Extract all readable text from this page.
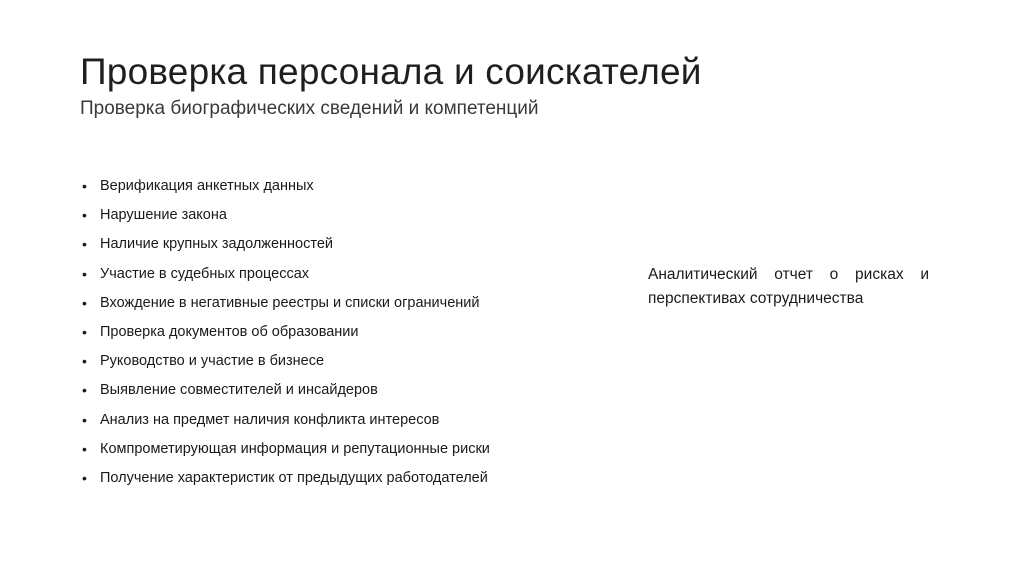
Проверка персонала и соискателей

Проверка биографических сведений и компетенций

• Верификация анкетных данных
• Нарушение закона
• Наличие крупных задолженностей
• Участие в судебных процессах
• Вхождение в негативные реестры и списки ограничений
• Проверка документов об образовании
• Руководство и участие в бизнесе
• Выявление совместителей и инсайдеров
• Анализ на предмет наличия конфликта интересов
• Компрометирующая информация и репутационные риски
• Получение характеристик от предыдущих работодателей

Аналитический отчет о рисках и перспективах сотрудничества
